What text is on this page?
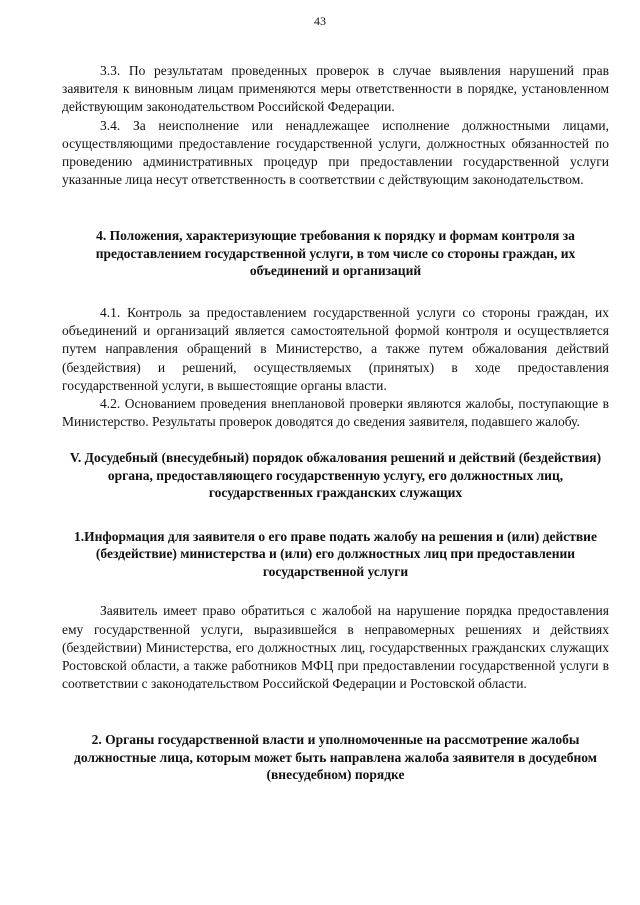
43

3.3. По результатам проведенных проверок в случае выявления нарушений прав заявителя к виновным лицам применяются меры ответственности в порядке, установленном действующим законодательством Российской Федерации.

3.4. За неисполнение или ненадлежащее исполнение должностными лицами, осуществляющими предоставление государственной услуги, должностных обязанностей по проведению административных процедур при предоставлении государственной услуги указанные лица несут ответственность в соответствии с действующим законодательством.

4. Положения, характеризующие требования к порядку и формам контроля за предоставлением государственной услуги, в том числе со стороны граждан, их объединений и организаций

4.1. Контроль за предоставлением государственной услуги со стороны граждан, их объединений и организаций является самостоятельной формой контроля и осуществляется путем направления обращений в Министерство, а также путем обжалования действий (бездействия) и решений, осуществляемых (принятых) в ходе предоставления государственной услуги, в вышестоящие органы власти.

4.2. Основанием проведения внеплановой проверки являются жалобы, поступающие в Министерство. Результаты проверок доводятся до сведения заявителя, подавшего жалобу.

V. Досудебный (внесудебный) порядок обжалования решений и действий (бездействия) органа, предоставляющего государственную услугу, его должностных лиц, государственных гражданских служащих
1.Информация для заявителя о его праве подать жалобу на решения и (или) действие (бездействие) министерства и (или) его должностных лиц при предоставлении государственной услуги

Заявитель имеет право обратиться с жалобой на нарушение порядка предоставления ему государственной услуги, выразившейся в неправомерных решениях и действиях (бездействии) Министерства, его должностных лиц, государственных гражданских служащих Ростовской области, а также работников МФЦ при предоставлении государственной услуги в соответствии с законодательством Российской Федерации и Ростовской области.

2. Органы государственной власти и уполномоченные на рассмотрение жалобы должностные лица, которым может быть направлена жалоба заявителя в досудебном (внесудебном) порядке
